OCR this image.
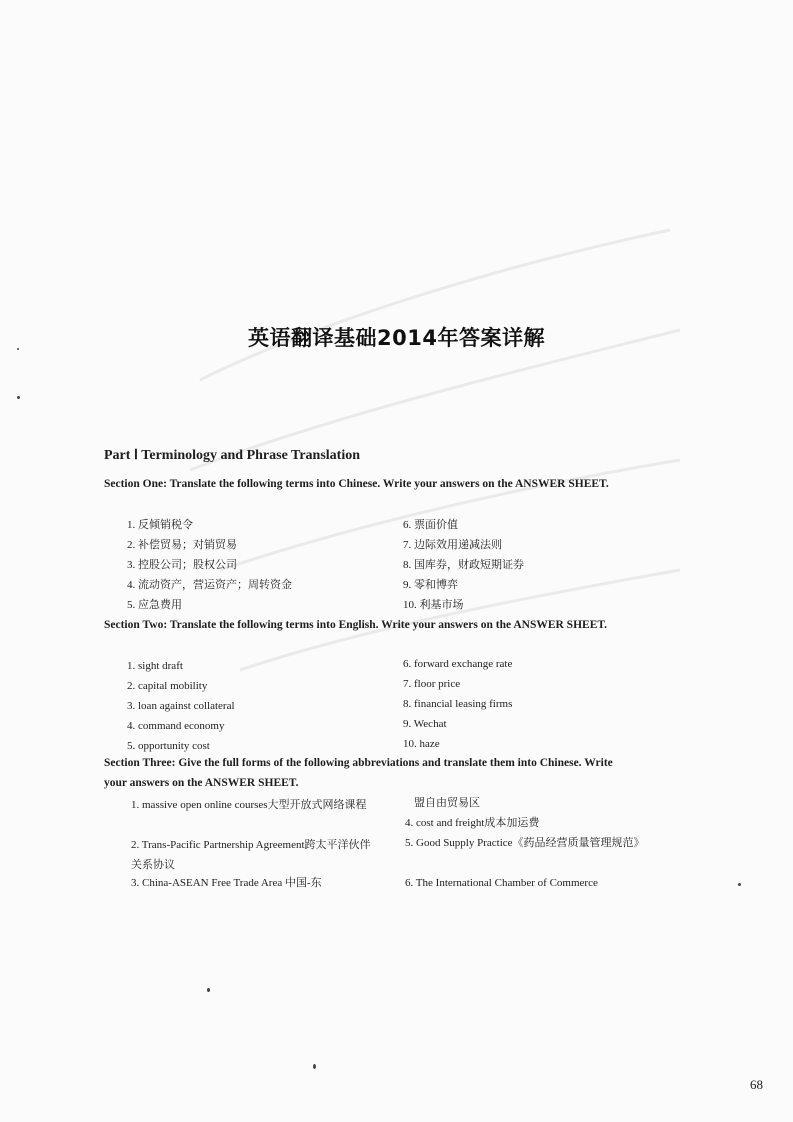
英语翻译基础2014年答案详解
Part Ⅰ Terminology and Phrase Translation
Section One: Translate the following terms into Chinese. Write your answers on the ANSWER SHEET.
1. 反倾销税令
2. 补偿贸易；对销贸易
3. 控股公司；股权公司
4. 流动资产，营运资产；周转资金
5. 应急费用
6. 票面价值
7. 边际效用递减法则
8. 国库券，财政短期证券
9. 零和博弈
10. 利基市场
Section Two: Translate the following terms into English. Write your answers on the ANSWER SHEET.
1. sight draft
2. capital mobility
3. loan against collateral
4. command economy
5. opportunity cost
6. forward exchange rate
7. floor price
8. financial leasing firms
9. Wechat
10. haze
Section Three: Give the full forms of the following abbreviations and translate them into Chinese. Write your answers on the ANSWER SHEET.
1. massive open online courses大型开放式网络课程
2. Trans-Pacific Partnership Agreement跨太平洋伙伴关系协议
3. China-ASEAN Free Trade Area 中国-东
盟自由贸易区
4. cost and freight成本加运费
5. Good Supply Practice《药品经营质量管理规范》
6. The International Chamber of Commerce
68
